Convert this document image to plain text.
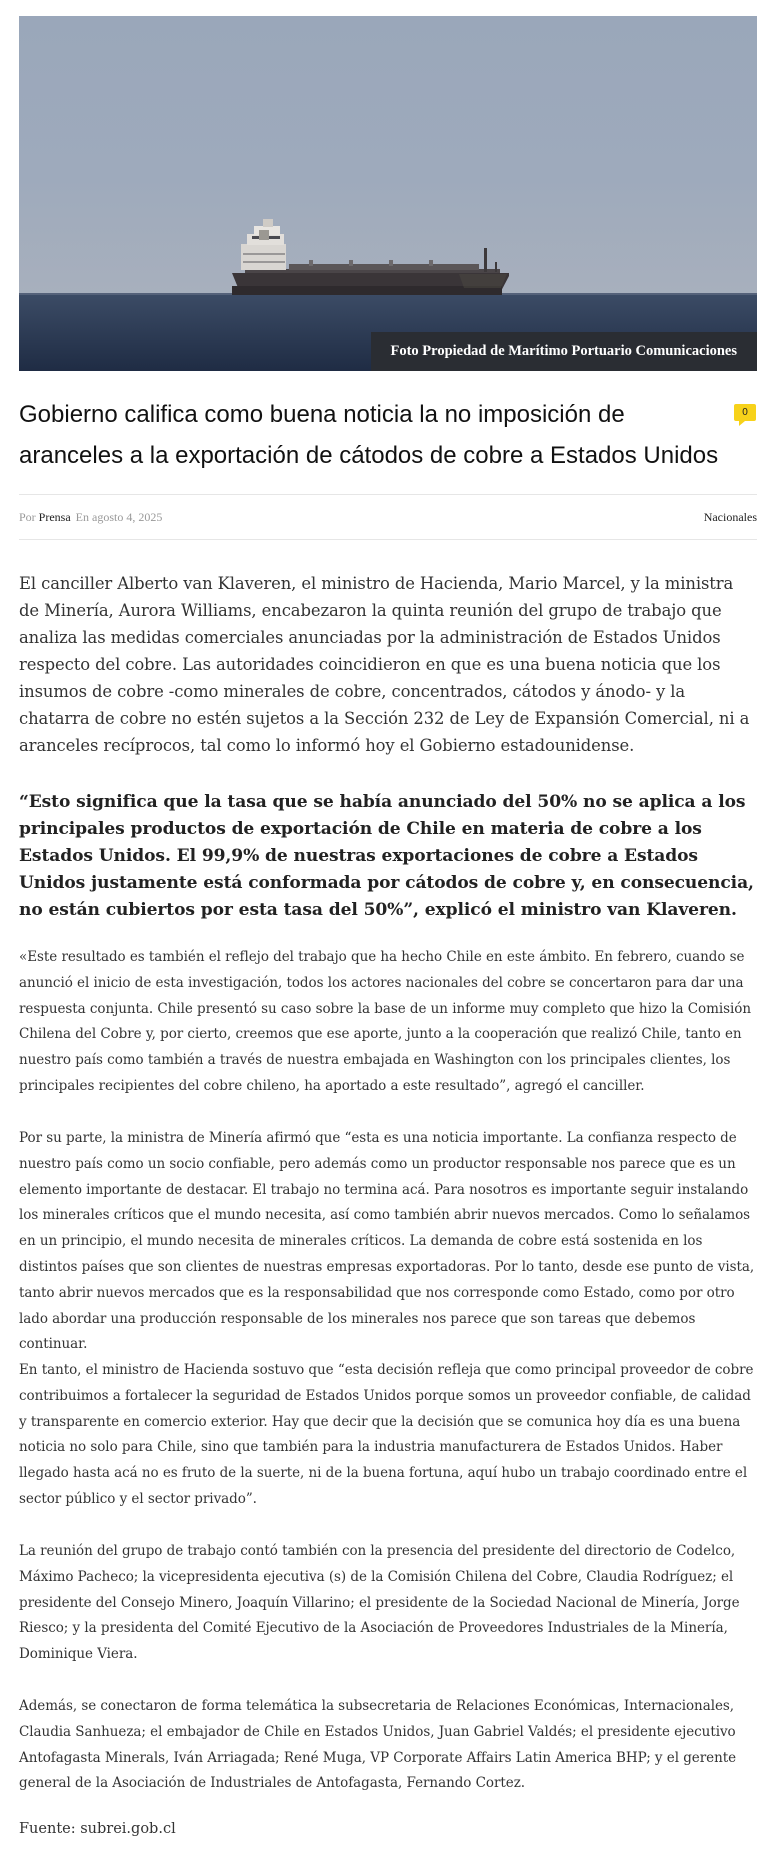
Foto Propiedad de Marítimo Portuario Comunicaciones
Gobierno califica como buena noticia la no imposición de aranceles a la exportación de cátodos de cobre a Estados Unidos
0
Por Prensa En agosto 4, 2025	Nacionales

El canciller Alberto van Klaveren, el ministro de Hacienda, Mario Marcel, y la ministra de Minería, Aurora Williams, encabezaron la quinta reunión del grupo de trabajo que analiza las medidas comerciales anunciadas por la administración de Estados Unidos respecto del cobre. Las autoridades coincidieron en que es una buena noticia que los insumos de cobre -como minerales de cobre, concentrados, cátodos y ánodo- y la chatarra de cobre no estén sujetos a la Sección 232 de Ley de Expansión Comercial, ni a aranceles recíprocos, tal como lo informó hoy el Gobierno estadounidense.

“Esto significa que la tasa que se había anunciado del 50% no se aplica a los principales productos de exportación de Chile en materia de cobre a los Estados Unidos. El 99,9% de nuestras exportaciones de cobre a Estados Unidos justamente está conformada por cátodos de cobre y, en consecuencia, no están cubiertos por esta tasa del 50%”, explicó el ministro van Klaveren.

«Este resultado es también el reflejo del trabajo que ha hecho Chile en este ámbito. En febrero, cuando se anunció el inicio de esta investigación, todos los actores nacionales del cobre se concertaron para dar una respuesta conjunta. Chile presentó su caso sobre la base de un informe muy completo que hizo la Comisión Chilena del Cobre y, por cierto, creemos que ese aporte, junto a la cooperación que realizó Chile, tanto en nuestro país como también a través de nuestra embajada en Washington con los principales clientes, los principales recipientes del cobre chileno, ha aportado a este resultado”, agregó el canciller.

Por su parte, la ministra de Minería afirmó que “esta es una noticia importante. La confianza respecto de nuestro país como un socio confiable, pero además como un productor responsable nos parece que es un elemento importante de destacar. El trabajo no termina acá. Para nosotros es importante seguir instalando los minerales críticos que el mundo necesita, así como también abrir nuevos mercados. Como lo señalamos en un principio, el mundo necesita de minerales críticos. La demanda de cobre está sostenida en los distintos países que son clientes de nuestras empresas exportadoras. Por lo tanto, desde ese punto de vista, tanto abrir nuevos mercados que es la responsabilidad que nos corresponde como Estado, como por otro lado abordar una producción responsable de los minerales nos parece que son tareas que debemos continuar.

En tanto, el ministro de Hacienda sostuvo que “esta decisión refleja que como principal proveedor de cobre contribuimos a fortalecer la seguridad de Estados Unidos porque somos un proveedor confiable, de calidad y transparente en comercio exterior. Hay que decir que la decisión que se comunica hoy día es una buena noticia no solo para Chile, sino que también para la industria manufacturera de Estados Unidos. Haber llegado hasta acá no es fruto de la suerte, ni de la buena fortuna, aquí hubo un trabajo coordinado entre el sector público y el sector privado”.

La reunión del grupo de trabajo contó también con la presencia del presidente del directorio de Codelco, Máximo Pacheco; la vicepresidenta ejecutiva (s) de la Comisión Chilena del Cobre, Claudia Rodríguez; el presidente del Consejo Minero, Joaquín Villarino; el presidente de la Sociedad Nacional de Minería, Jorge Riesco; y la presidenta del Comité Ejecutivo de la Asociación de Proveedores Industriales de la Minería, Dominique Viera.

Además, se conectaron de forma telemática la subsecretaria de Relaciones Económicas, Internacionales, Claudia Sanhueza; el embajador de Chile en Estados Unidos, Juan Gabriel Valdés; el presidente ejecutivo Antofagasta Minerals, Iván Arriagada; René Muga, VP Corporate Affairs Latin America BHP; y el gerente general de la Asociación de Industriales de Antofagasta, Fernando Cortez.

Fuente: subrei.gob.cl
